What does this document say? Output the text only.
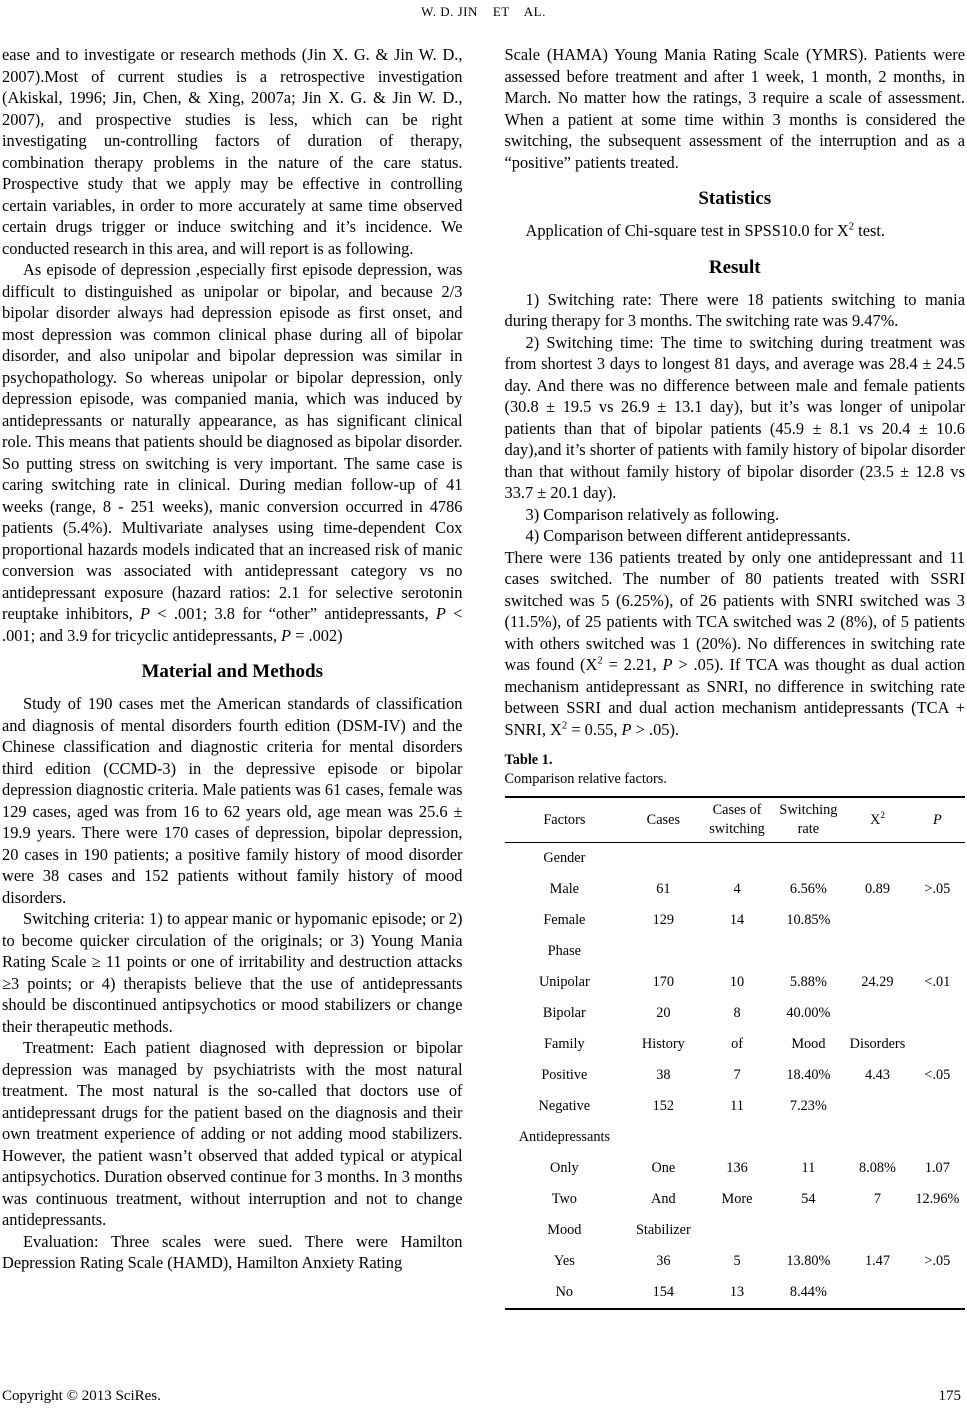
W. D. JIN    ET    AL.

ease and to investigate or research methods (Jin X. G. & Jin W. D., 2007).Most of current studies is a retrospective investigation (Akiskal, 1996; Jin, Chen, & Xing, 2007a; Jin X. G. & Jin W. D., 2007), and prospective studies is less, which can be right investigating un-controlling factors of duration of therapy, combination therapy problems in the nature of the care status. Prospective study that we apply may be effective in controlling certain variables, in order to more accurately at same time observed certain drugs trigger or induce switching and it’s incidence. We conducted research in this area, and will report is as following.

As episode of depression ,especially first episode depression, was difficult to distinguished as unipolar or bipolar, and because 2/3 bipolar disorder always had depression episode as first onset, and most depression was common clinical phase during all of bipolar disorder, and also unipolar and bipolar depression was similar in psychopathology. So whereas unipolar or bipolar depression, only depression episode, was companied mania, which was induced by antidepressants or naturally appearance, as has significant clinical role. This means that patients should be diagnosed as bipolar disorder. So putting stress on switching is very important. The same case is caring switching rate in clinical. During median follow-up of 41 weeks (range, 8 - 251 weeks), manic conversion occurred in 4786 patients (5.4%). Multivariate analyses using time-dependent Cox proportional hazards models indicated that an increased risk of manic conversion was associated with antidepressant category vs no antidepressant exposure (hazard ratios: 2.1 for selective serotonin reuptake inhibitors, P < .001; 3.8 for “other” antidepressants, P < .001; and 3.9 for tricyclic antidepressants, P = .002)

Material and Methods

Study of 190 cases met the American standards of classification and diagnosis of mental disorders fourth edition (DSM-IV) and the Chinese classification and diagnostic criteria for mental disorders third edition (CCMD-3) in the depressive episode or bipolar depression diagnostic criteria. Male patients was 61 cases, female was 129 cases, aged was from 16 to 62 years old, age mean was 25.6 ± 19.9 years. There were 170 cases of depression, bipolar depression, 20 cases in 190 patients; a positive family history of mood disorder were 38 cases and 152 patients without family history of mood disorders.

Switching criteria: 1) to appear manic or hypomanic episode; or 2) to become quicker circulation of the originals; or 3) Young Mania Rating Scale ≥ 11 points or one of irritability and destruction attacks ≥3 points; or 4) therapists believe that the use of antidepressants should be discontinued antipsychotics or mood stabilizers or change their therapeutic methods.

Treatment: Each patient diagnosed with depression or bipolar depression was managed by psychiatrists with the most natural treatment. The most natural is the so-called that doctors use of antidepressant drugs for the patient based on the diagnosis and their own treatment experience of adding or not adding mood stabilizers. However, the patient wasn’t observed that added typical or atypical antipsychotics. Duration observed continue for 3 months. In 3 months was continuous treatment, without interruption and not to change antidepressants.

Evaluation: Three scales were sued. There were Hamilton Depression Rating Scale (HAMD), Hamilton Anxiety Rating

Scale (HAMA) Young Mania Rating Scale (YMRS). Patients were assessed before treatment and after 1 week, 1 month, 2 months, in March. No matter how the ratings, 3 require a scale of assessment. When a patient at some time within 3 months is considered the switching, the subsequent assessment of the interruption and as a “positive” patients treated.

Statistics

Application of Chi-square test in SPSS10.0 for $X^2$ test.

Result

1) Switching rate: There were 18 patients switching to mania during therapy for 3 months. The switching rate was 9.47%.

2) Switching time: The time to switching during treatment was from shortest 3 days to longest 81 days, and average was 28.4 ± 24.5 day. And there was no difference between male and female patients (30.8 ± 19.5 vs 26.9 ± 13.1 day), but it’s was longer of unipolar patients than that of bipolar patients (45.9 ± 8.1 vs 20.4 ± 10.6 day),and it’s shorter of patients with family history of bipolar disorder than that without family history of bipolar disorder (23.5 ± 12.8 vs 33.7 ± 20.1 day).

3) Comparison relatively as following.

4) Comparison between different antidepressants.

There were 136 patients treated by only one antidepressant and 11 cases switched. The number of 80 patients treated with SSRI switched was 5 (6.25%), of 26 patients with SNRI switched was 3 (11.5%), of 25 patients with TCA switched was 2 (8%), of 5 patients with others switched was 1 (20%). No differences in switching rate was found ($X^2 = 2.21$, P > .05). If TCA was thought as dual action mechanism antidepressant as SNRI, no difference in switching rate between SSRI and dual action mechanism antidepressants (TCA + SNRI, $X^2 = 0.55$, P > .05).

Table 1.
Comparison relative factors.
Factors	Cases	Cases of switching	Switching rate	$X^2$	P
Gender					
Male	61	4	6.56%	0.89	>.05
Female	129	14	10.85%		
Phase					
Unipolar	170	10	5.88%	24.29	<.01
Bipolar	20	8	40.00%		
Family	History	of	Mood	Disorders	
Positive	38	7	18.40%	4.43	<.05
Negative	152	11	7.23%		
Antidepressants					
Only	One	136	11	8.08%	1.07
Two	And	More	54	7	12.96%
Mood	Stabilizer				
Yes	36	5	13.80%	1.47	>.05
No	154	13	8.44%		
Copyright © 2013 SciRes.	175
